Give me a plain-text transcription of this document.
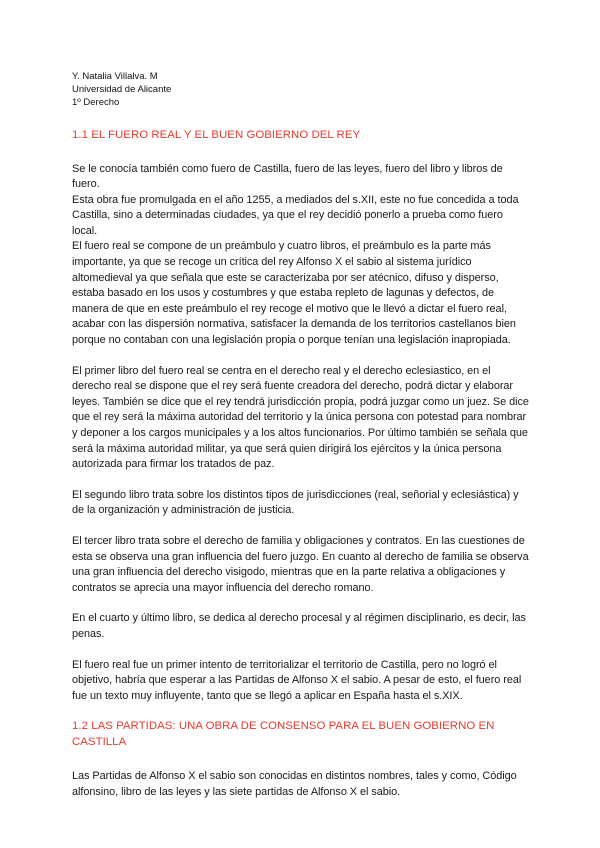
Y. Natalia Villalva. M
Universidad de Alicante
1º Derecho
1.1 EL FUERO REAL Y EL BUEN GOBIERNO DEL REY

Se le conocía también como fuero de Castilla, fuero de las leyes, fuero del libro y libros de fuero.
Esta obra fue promulgada en el año 1255, a mediados del s.XII, este no fue concedida a toda Castilla, sino a determinadas ciudades, ya que el rey decidió ponerlo a prueba como fuero local.
El fuero real se compone de un preámbulo y cuatro libros, el preámbulo es la parte más importante, ya que se recoge un crítica del rey Alfonso X el sabio al sistema jurídico altomedieval ya que señala que este se caracterizaba por ser atécnico, difuso y disperso, estaba basado en los usos y costumbres y que estaba repleto de lagunas y defectos, de manera de que en este preámbulo el rey recoge el motivo que le llevó a dictar el fuero real, acabar con las dispersión normativa, satisfacer la demanda de los territorios castellanos bien porque no contaban con una legislación propia o porque tenían una legislación inapropiada.

El primer libro del fuero real se centra en el derecho real y el derecho eclesiastico, en el derecho real se dispone que el rey será fuente creadora del derecho, podrá dictar y elaborar leyes. También se dice que el rey tendrá jurisdicción propia, podrá juzgar como un juez. Se dice que el rey será la máxima autoridad del territorio y la única persona con potestad para nombrar y deponer a los cargos municipales y a los altos funcionarios. Por último también se señala que será la máxima autoridad militar, ya que será quien dirigirá los ejércitos y la única persona autorizada para firmar los tratados de paz.

El segundo libro trata sobre los distintos tipos de jurisdicciones (real, señorial y eclesiástica) y de la organización y administración de justicia.

El tercer libro trata sobre el derecho de familia y obligaciones y contratos. En las cuestiones de esta se observa una gran influencia del fuero juzgo. En cuanto al derecho de familia se observa una gran influencia del derecho visigodo, mientras que en la parte relativa a obligaciones y contratos se aprecia una mayor influencia del derecho romano.

En el cuarto y último libro, se dedica al derecho procesal y al régimen disciplinario, es decir, las penas.

El fuero real fue un primer intento de territorializar el territorio de Castilla, pero no logró el objetivo, habría que esperar a las Partidas de Alfonso X el sabio. A pesar de esto, el fuero real fue un texto muy influyente, tanto que se llegó a aplicar en España hasta el s.XIX.

1.2 LAS PARTIDAS: UNA OBRA DE CONSENSO PARA EL BUEN GOBIERNO EN CASTILLA

Las Partidas de Alfonso X el sabio son conocidas en distintos nombres, tales y como, Código alfonsino, libro de las leyes y las siete partidas de Alfonso X el sabio.
